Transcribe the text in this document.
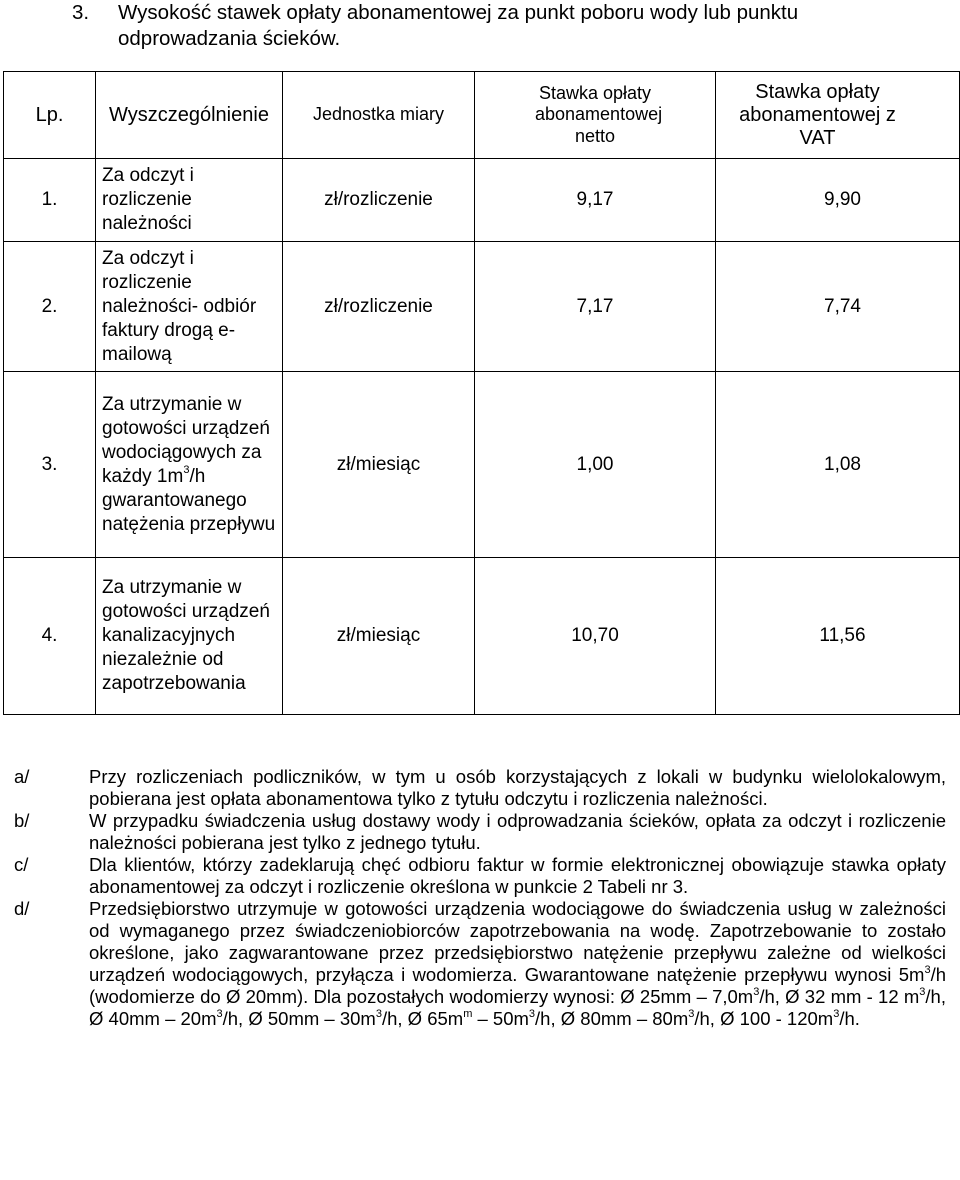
3. Wysokość stawek opłaty abonamentowej za punkt poboru wody lub punktu odprowadzania ścieków.
Lp.	Wyszczególnienie	Jednostka miary	Stawka opłaty abonamentowej netto	Stawka opłaty abonamentowej z VAT
1.	Za odczyt i rozliczenie należności	zł/rozliczenie	9,17	9,90
2.	Za odczyt i rozliczenie należności- odbiór faktury drogą e-mailową	zł/rozliczenie	7,17	7,74
3.	Za utrzymanie w gotowości urządzeń wodociągowych za każdy $1m^3/h$ gwarantowanego natężenia przepływu	zł/miesiąc	1,00	1,08
4.	Za utrzymanie w gotowości urządzeń kanalizacyjnych niezależnie od zapotrzebowania	zł/miesiąc	10,70	11,56
a/	Przy rozliczeniach podliczników, w tym u osób korzystających z lokali w budynku wielolokalowym, pobierana jest opłata abonamentowa tylko z tytułu odczytu i rozliczenia należności.
b/	W przypadku świadczenia usług dostawy wody i odprowadzania ścieków, opłata za odczyt i rozliczenie należności pobierana jest tylko z jednego tytułu.
c/	Dla klientów, którzy zadeklarują chęć odbioru faktur w formie elektronicznej obowiązuje stawka opłaty abonamentowej za odczyt i rozliczenie określona w punkcie 2 Tabeli nr 3.
d/	Przedsiębiorstwo utrzymuje w gotowości urządzenia wodociągowe do świadczenia usług w zależności od wymaganego przez świadczeniobiorców zapotrzebowania na wodę. Zapotrzebowanie to zostało określone, jako zagwarantowane przez przedsiębiorstwo natężenie przepływu zależne od wielkości urządzeń wodociągowych, przyłącza i wodomierza. Gwarantowane natężenie przepływu wynosi $5m^3/h$ (wodomierze do Ø 20mm). Dla pozostałych wodomierzy wynosi: Ø $25mm - 7,0m^3/h$, Ø 32 mm - 12 $m^3/h$, Ø $40mm - 20m^3/h$, Ø $50mm - 30m^3/h$, Ø $65m^m - 50m^3/h$, Ø $80mm - 80m^3/h$, Ø $100 - 120m^3/h$.
